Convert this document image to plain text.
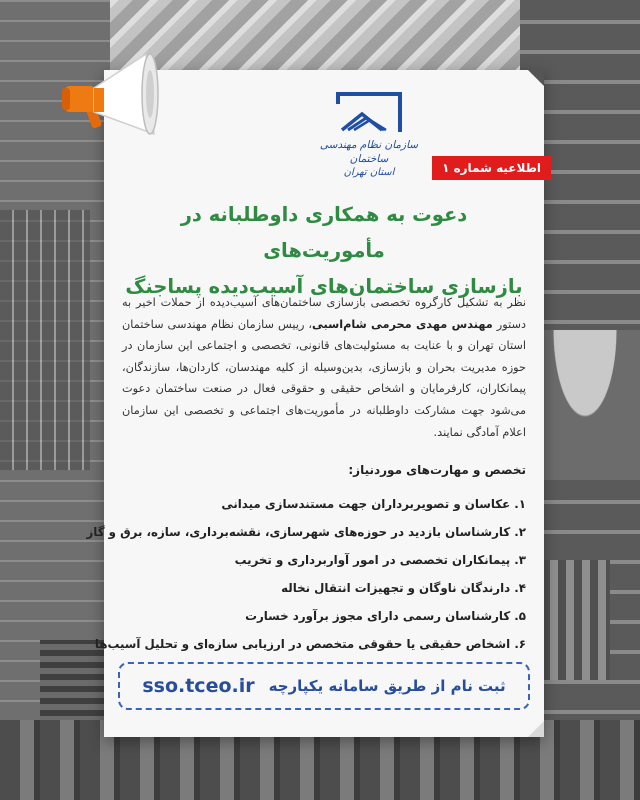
سازمان نظام مهندسی ساختمان
استان تهران	اطلاعیه شماره ۱
دعوت به همکاری داوطلبانه در مأموریت‌های
بازسازی ساختمان‌های آسیب‌دیده پساجنگ
نظر به تشکیل کارگروه تخصصی بازسازی ساختمان‌های آسیب‌دیده از حملات اخیر به دستور مهندس مهدی محرمی شام‌اسبی، رییس سازمان نظام مهندسی ساختمان استان تهران و با عنایت به مسئولیت‌های قانونی، تخصصی و اجتماعی این سازمان در حوزه مدیریت بحران و بازسازی، بدین‌وسیله از کلیه مهندسان، کاردان‌ها، سازندگان، پیمانکاران، کارفرمایان و اشخاص حقیقی و حقوقی فعال در صنعت ساختمان دعوت می‌شود جهت مشارکت داوطلبانه در مأموریت‌های اجتماعی و تخصصی این سازمان اعلام آمادگی نمایند.
تخصص و مهارت‌های موردنیاز:
۱. عکاسان و تصویربرداران جهت مستندسازی میدانی
۲. کارشناسان بازدید در حوزه‌های شهرسازی، نقشه‌برداری، سازه، برق و گاز
۳. پیمانکاران تخصصی در امور آواربرداری و تخریب
۴. دارندگان ناوگان و تجهیزات انتقال نخاله
۵. کارشناسان رسمی دارای مجوز برآورد خسارت
۶. اشخاص حقیقی یا حقوقی متخصص در ارزیابی سازه‌ای و تحلیل آسیب‌ها
ثبت نام از طریق سامانه یکپارچه
sso.tceo.ir
